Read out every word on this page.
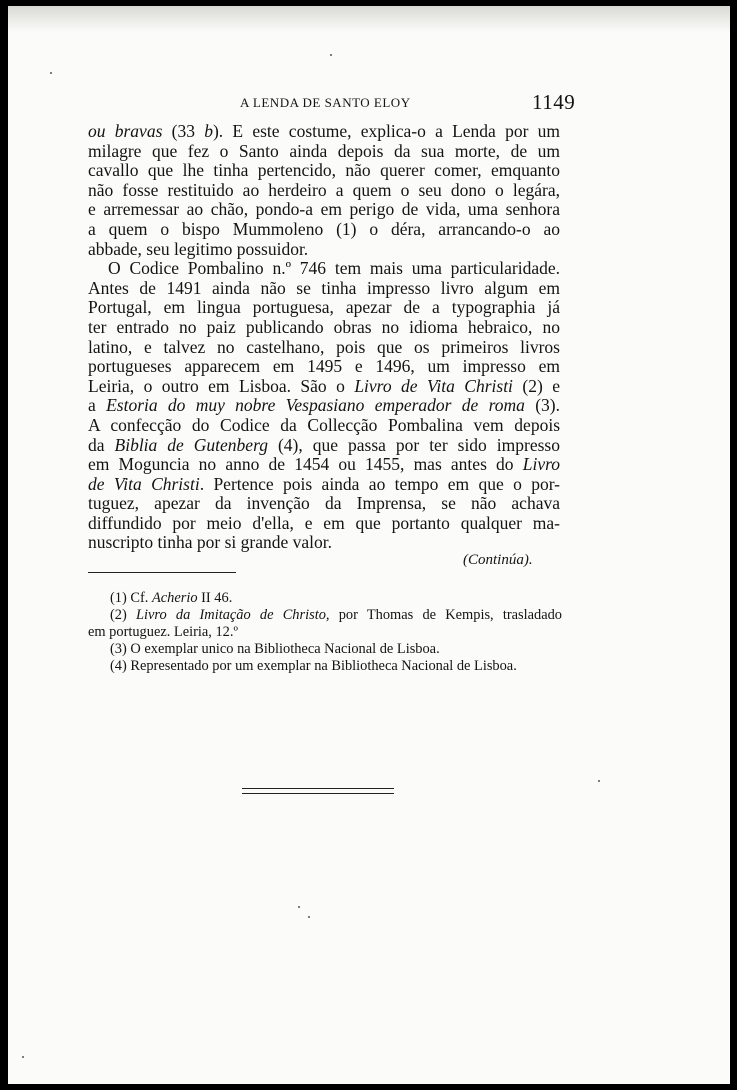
A LENDA DE SANTO ELOY	1149
ou bravas (33 b). E este costume, explica-o a Lenda por um
milagre que fez o Santo ainda depois da sua morte, de um
cavallo que lhe tinha pertencido, não querer comer, emquanto
não fosse restituido ao herdeiro a quem o seu dono o legára,
e arremessar ao chão, pondo-a em perigo de vida, uma senhora
a quem o bispo Mummoleno (1) o déra, arrancando-o ao
abbade, seu legitimo possuidor.
O Codice Pombalino n.º 746 tem mais uma particularidade.
Antes de 1491 ainda não se tinha impresso livro algum em
Portugal, em lingua portuguesa, apezar de a typographia já
ter entrado no paiz publicando obras no idioma hebraico, no
latino, e talvez no castelhano, pois que os primeiros livros
portugueses apparecem em 1495 e 1496, um impresso em
Leiria, o outro em Lisboa. São o Livro de Vita Christi (2) e
a Estoria do muy nobre Vespasiano emperador de roma (3).
A confecção do Codice da Collecção Pombalina vem depois
da Biblia de Gutenberg (4), que passa por ter sido impresso
em Moguncia no anno de 1454 ou 1455, mas antes do Livro
de Vita Christi. Pertence pois ainda ao tempo em que o por-
tuguez, apezar da invenção da Imprensa, se não achava
diffundido por meio d'ella, e em que portanto qualquer ma-
nuscripto tinha por si grande valor.
(Continúa).
(1) Cf. Acherio II 46.
(2) Livro da Imitação de Christo, por Thomas de Kempis, trasladado
em portuguez. Leiria, 12.º
(3) O exemplar unico na Bibliotheca Nacional de Lisboa.
(4) Representado por um exemplar na Bibliotheca Nacional de Lisboa.
